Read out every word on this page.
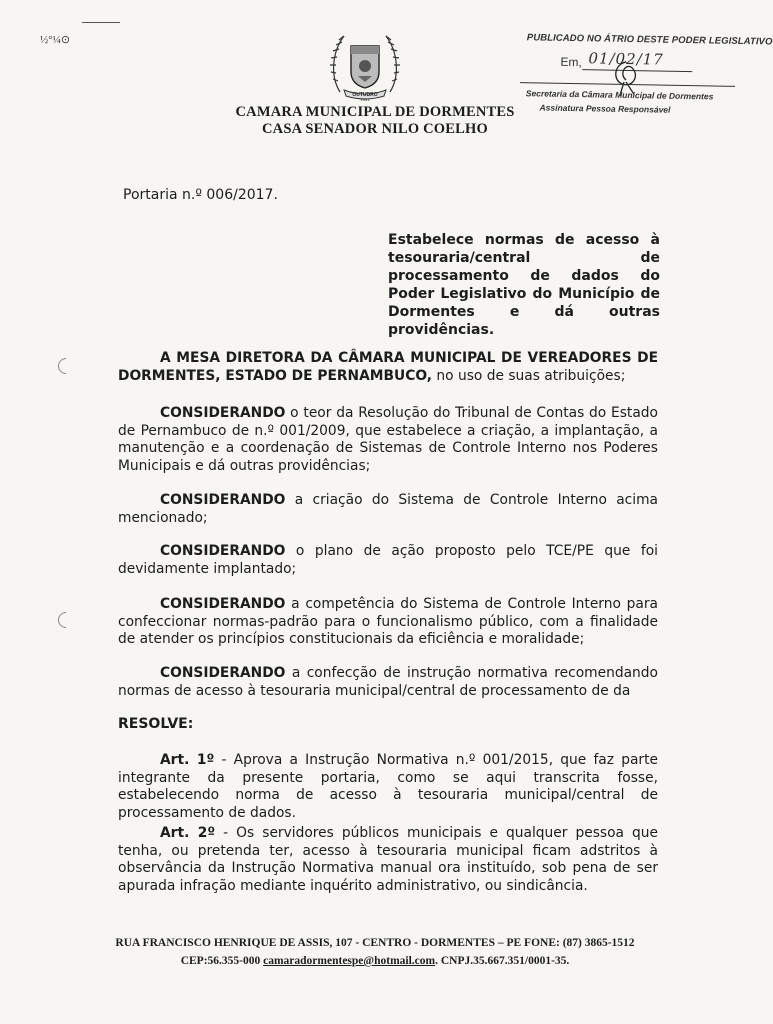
½°¼⊙
OUTUBRO
1991
CAMARA MUNICIPAL DE DORMENTES
CASA SENADOR NILO COELHO
PUBLICADO NO ÁTRIO DESTE PODER LEGISLATIVO
Em, 01/02/17
Secretaria da Câmara Municipal de Dormentes
Assinatura Pessoa Responsável
Portaria n.º 006/2017.
Estabelece normas de acesso à tesouraria/central de processamento de dados do Poder Legislativo do Município de Dormentes e dá outras providências.
A MESA DIRETORA DA CÂMARA MUNICIPAL DE VEREADORES DE DORMENTES, ESTADO DE PERNAMBUCO, no uso de suas atribuições;
CONSIDERANDO o teor da Resolução do Tribunal de Contas do Estado de Pernambuco de n.º 001/2009, que estabelece a criação, a implantação, a manutenção e a coordenação de Sistemas de Controle Interno nos Poderes Municipais e dá outras providências;
CONSIDERANDO a criação do Sistema de Controle Interno acima mencionado;
CONSIDERANDO o plano de ação proposto pelo TCE/PE que foi devidamente implantado;
CONSIDERANDO a competência do Sistema de Controle Interno para confeccionar normas-padrão para o funcionalismo público, com a finalidade de atender os princípios constitucionais da eficiência e moralidade;
CONSIDERANDO a confecção de instrução normativa recomendando normas de acesso à tesouraria municipal/central de processamento de da
RESOLVE:
Art. 1º - Aprova a Instrução Normativa n.º 001/2015, que faz parte integrante da presente portaria, como se aqui transcrita fosse, estabelecendo norma de acesso à tesouraria municipal/central de processamento de dados.
Art. 2º - Os servidores públicos municipais e qualquer pessoa que tenha, ou pretenda ter, acesso à tesouraria municipal ficam adstritos à observância da Instrução Normativa manual ora instituído, sob pena de ser apurada infração mediante inquérito administrativo, ou sindicância.
RUA FRANCISCO HENRIQUE DE ASSIS, 107 - CENTRO - DORMENTES – PE FONE: (87) 3865-1512
CEP:56.355-000 camaradormentespe@hotmail.com. CNPJ.35.667.351/0001-35.
